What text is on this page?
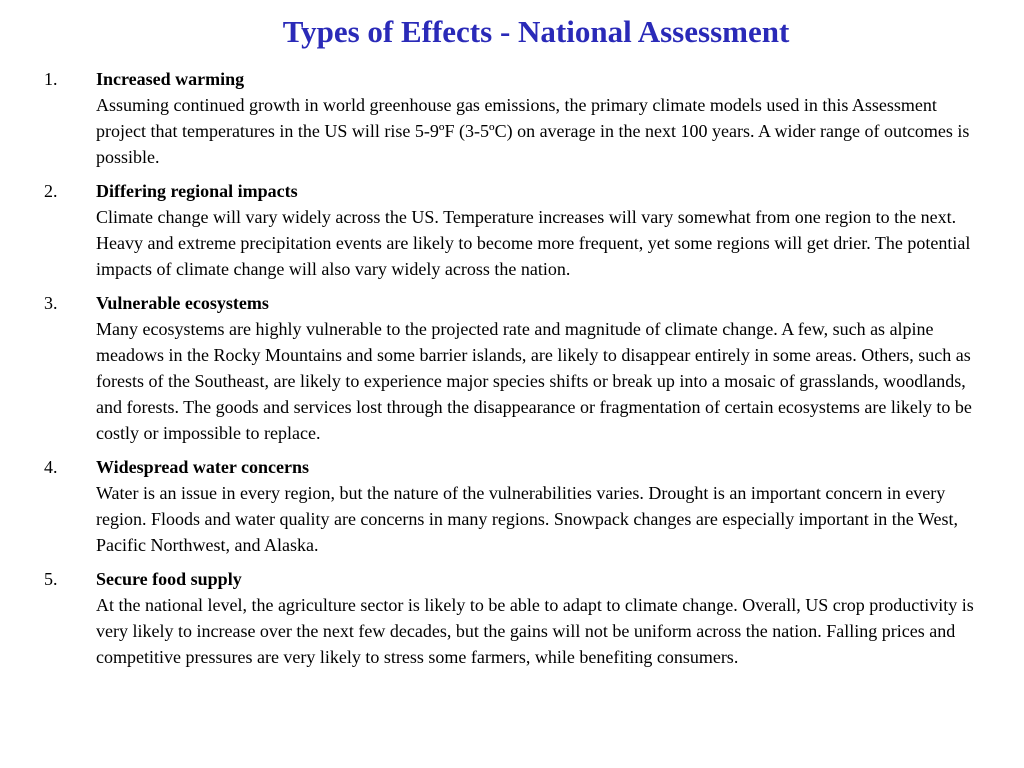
Types of Effects - National Assessment
1.	Increased warming
Assuming continued growth in world greenhouse gas emissions, the primary climate models used in this Assessment project that temperatures in the US will rise 5-9ºF (3-5ºC) on average in the next 100 years. A wider range of outcomes is possible.
2.	Differing regional impacts
Climate change will vary widely across the US. Temperature increases will vary somewhat from one region to the next. Heavy and extreme precipitation events are likely to become more frequent, yet some regions will get drier. The potential impacts of climate change will also vary widely across the nation.
3.	Vulnerable ecosystems
Many ecosystems are highly vulnerable to the projected rate and magnitude of climate change. A few, such as alpine meadows in the Rocky Mountains and some barrier islands, are likely to disappear entirely in some areas. Others, such as forests of the Southeast, are likely to experience major species shifts or break up into a mosaic of grasslands, woodlands, and forests. The goods and services lost through the disappearance or fragmentation of certain ecosystems are likely to be costly or impossible to replace.
4.	Widespread water concerns
Water is an issue in every region, but the nature of the vulnerabilities varies. Drought is an important concern in every region. Floods and water quality are concerns in many regions. Snowpack changes are especially important in the West, Pacific Northwest, and Alaska.
5.	Secure food supply
At the national level, the agriculture sector is likely to be able to adapt to climate change. Overall, US crop productivity is very likely to increase over the next few decades, but the gains will not be uniform across the nation. Falling prices and competitive pressures are very likely to stress some farmers, while benefiting consumers.
